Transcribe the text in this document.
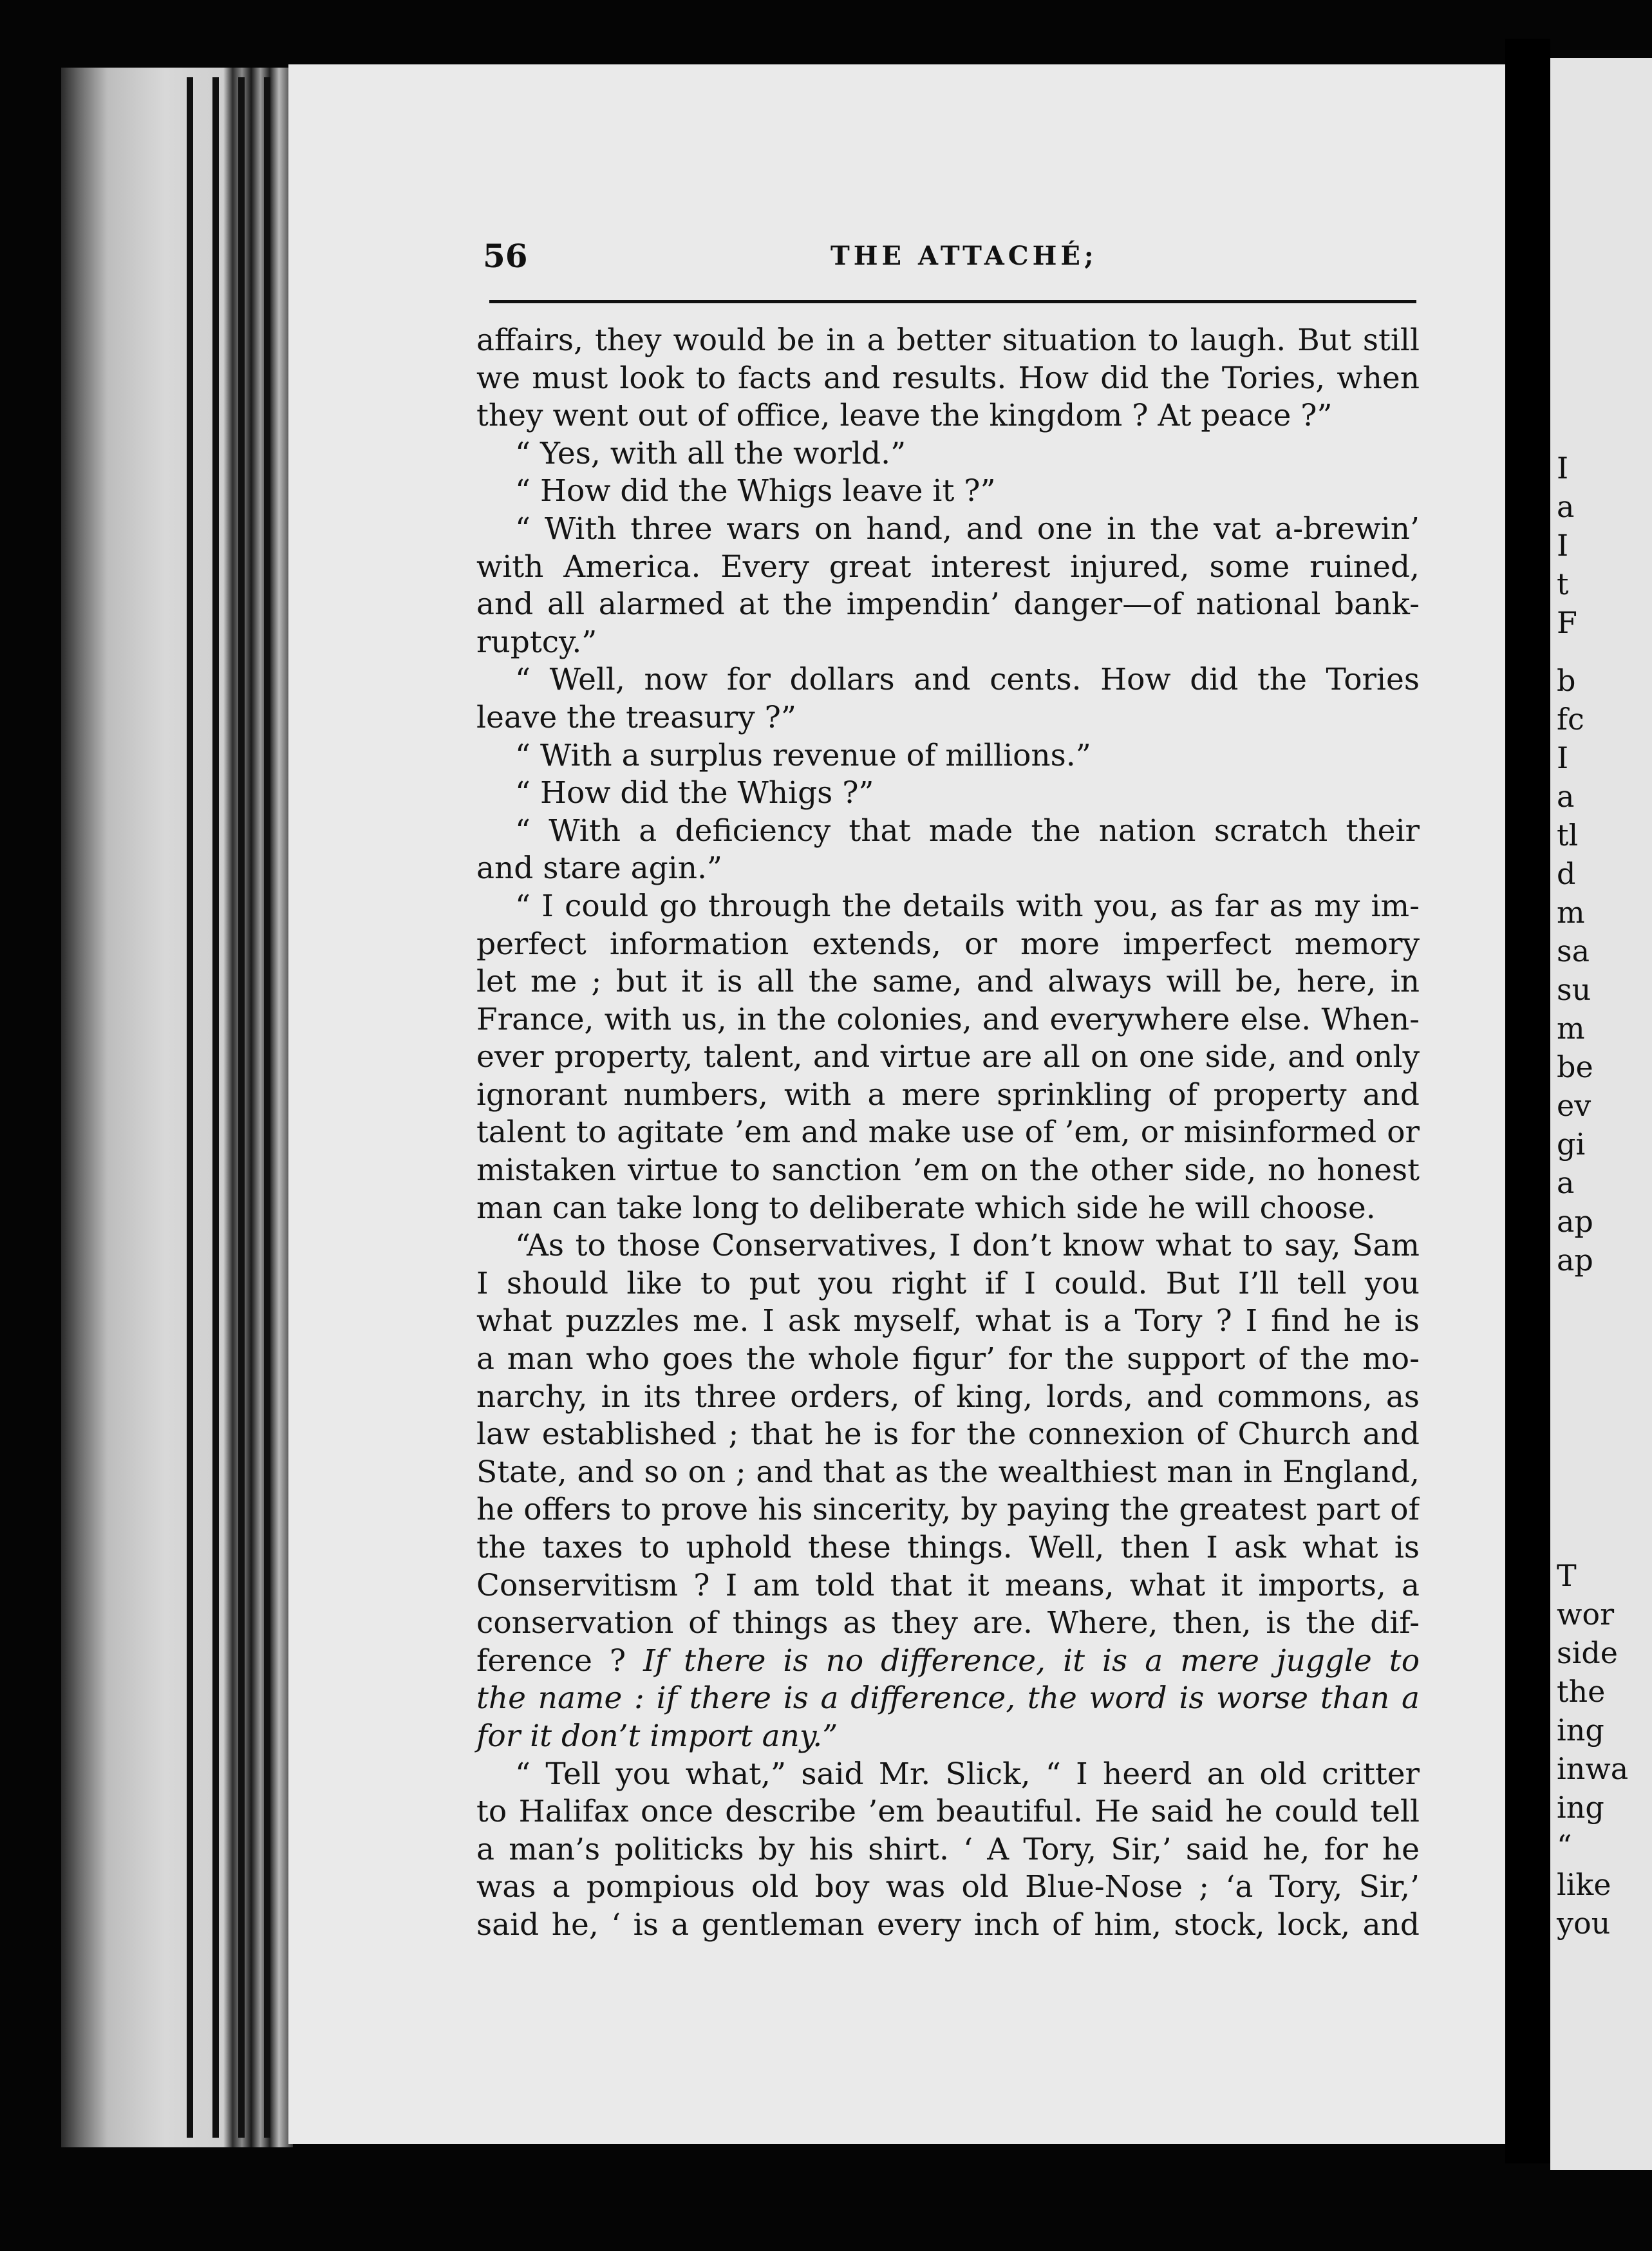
I
a
I
t
F
b
fc
I
a
tl
d
m
sa
su
m
be
ev
gi
a
ap
ap
T
wor
side
the
ing
inwa
ing
“
like
you
56	THE ATTACHÉ;
affairs, they would be in a better situation to laugh. But still
we must look to facts and results. How did the Tories, when
they went out of office, leave the kingdom ? At peace ?”
“ Yes, with all the world.”
“ How did the Whigs leave it ?”
“ With three wars on hand, and one in the vat a-brewin’
with America. Every great interest injured, some ruined,
and all alarmed at the impendin’ danger—of national bank-
ruptcy.”
“ Well, now for dollars and cents. How did the Tories
leave the treasury ?”
“ With a surplus revenue of millions.”
“ How did the Whigs ?”
“ With a deficiency that made the nation scratch their
and stare agin.”
“ I could go through the details with you, as far as my im-
perfect information extends, or more imperfect memory
let me ; but it is all the same, and always will be, here, in
France, with us, in the colonies, and everywhere else. When-
ever property, talent, and virtue are all on one side, and only
ignorant numbers, with a mere sprinkling of property and
talent to agitate ’em and make use of ’em, or misinformed or
mistaken virtue to sanction ’em on the other side, no honest
man can take long to deliberate which side he will choose.
“As to those Conservatives, I don’t know what to say, Sam
I should like to put you right if I could. But I’ll tell you
what puzzles me. I ask myself, what is a Tory ? I find he is
a man who goes the whole figur’ for the support of the mo-
narchy, in its three orders, of king, lords, and commons, as
law established ; that he is for the connexion of Church and
State, and so on ; and that as the wealthiest man in England,
he offers to prove his sincerity, by paying the greatest part of
the taxes to uphold these things. Well, then I ask what is
Conservitism ? I am told that it means, what it imports, a
conservation of things as they are. Where, then, is the dif-
ference ? If there is no difference, it is a mere juggle to
the name : if there is a difference, the word is worse than a
for it don’t import any.”
“ Tell you what,” said Mr. Slick, “ I heerd an old critter
to Halifax once describe ’em beautiful. He said he could tell
a man’s politicks by his shirt. ‘ A Tory, Sir,’ said he, for he
was a pompious old boy was old Blue-Nose ; ‘a Tory, Sir,’
said he, ‘ is a gentleman every inch of him, stock, lock, and
